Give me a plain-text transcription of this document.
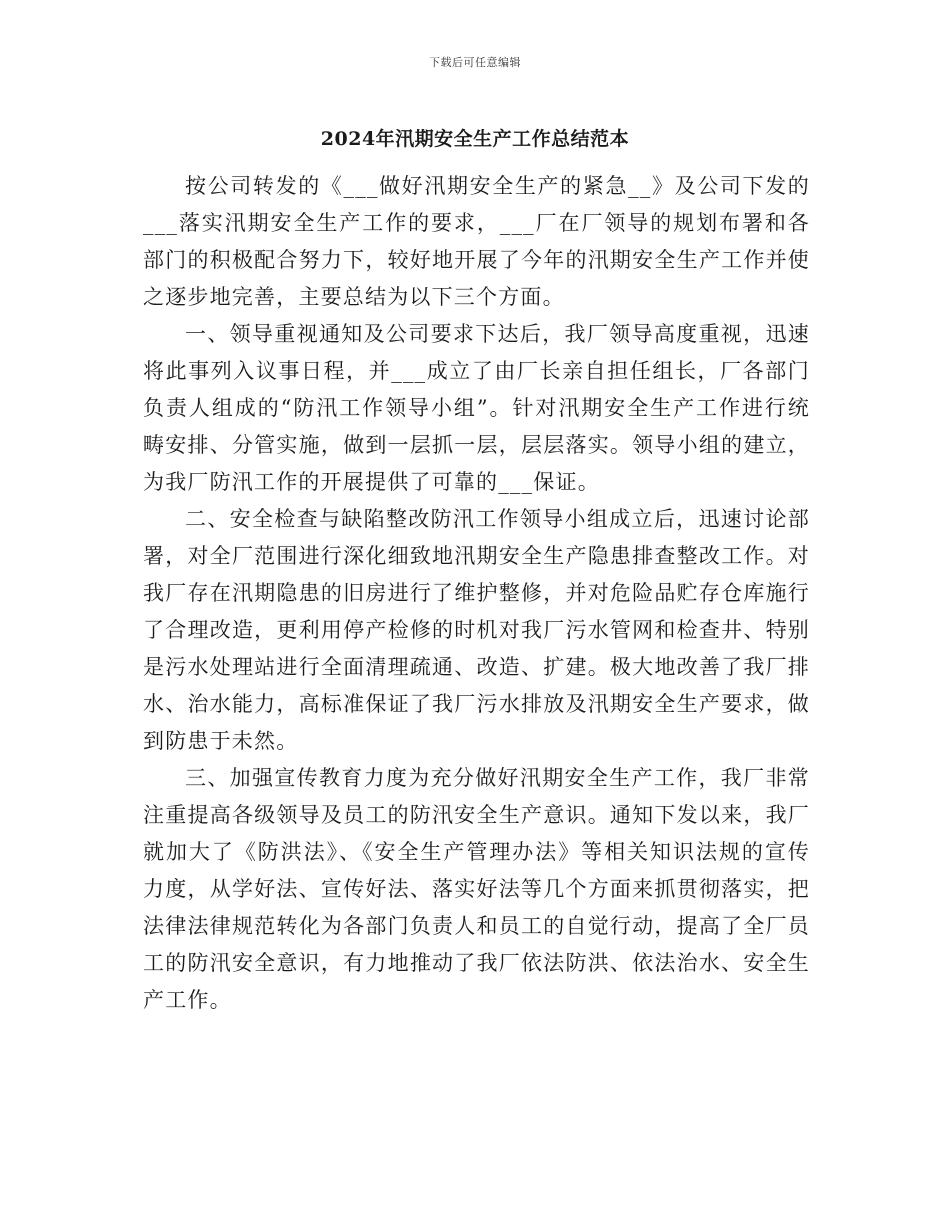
下载后可任意编辑
2024年汛期安全生产工作总结范本

按公司转发的《___做好汛期安全生产的紧急__》及公司下发的___落实汛期安全生产工作的要求，___厂在厂领导的规划布署和各部门的积极配合努力下，较好地开展了今年的汛期安全生产工作并使之逐步地完善，主要总结为以下三个方面。

一、领导重视通知及公司要求下达后，我厂领导高度重视，迅速将此事列入议事日程，并___成立了由厂长亲自担任组长，厂各部门负责人组成的“防汛工作领导小组”。针对汛期安全生产工作进行统畴安排、分管实施，做到一层抓一层，层层落实。领导小组的建立，为我厂防汛工作的开展提供了可靠的___保证。

二、安全检查与缺陷整改防汛工作领导小组成立后，迅速讨论部署，对全厂范围进行深化细致地汛期安全生产隐患排查整改工作。对我厂存在汛期隐患的旧房进行了维护整修，并对危险品贮存仓库施行了合理改造，更利用停产检修的时机对我厂污水管网和检查井、特别是污水处理站进行全面清理疏通、改造、扩建。极大地改善了我厂排水、治水能力，高标准保证了我厂污水排放及汛期安全生产要求，做到防患于未然。

三、加强宣传教育力度为充分做好汛期安全生产工作，我厂非常注重提高各级领导及员工的防汛安全生产意识。通知下发以来，我厂就加大了《防洪法》、《安全生产管理办法》等相关知识法规的宣传力度，从学好法、宣传好法、落实好法等几个方面来抓贯彻落实，把法律法律规范转化为各部门负责人和员工的自觉行动，提高了全厂员工的防汛安全意识，有力地推动了我厂依法防洪、依法治水、安全生产工作。
